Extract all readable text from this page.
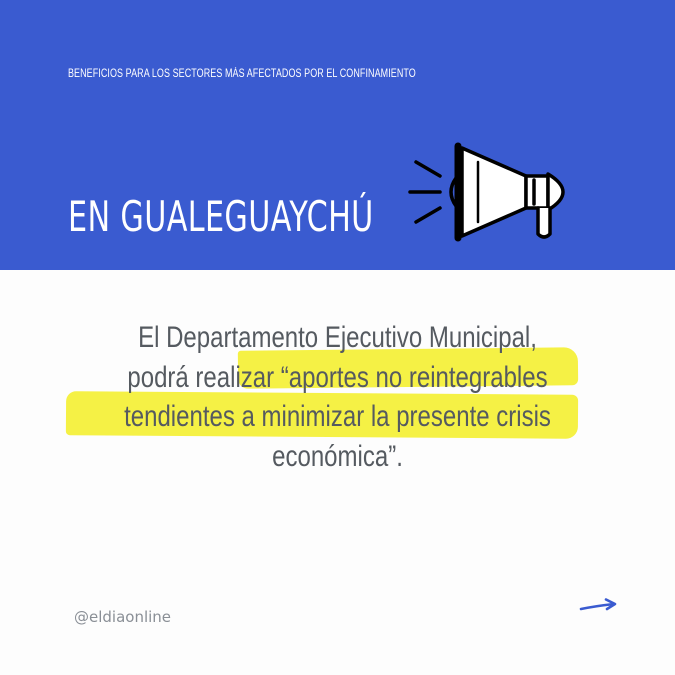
BENEFICIOS PARA LOS SECTORES MÁS AFECTADOS POR EL CONFINAMIENTO
EN GUALEGUAYCHÚ
El Departamento Ejecutivo Municipal,
podrá realizar “aportes no reintegrables
tendientes a minimizar la presente crisis
económica”.
@eldiaonline
